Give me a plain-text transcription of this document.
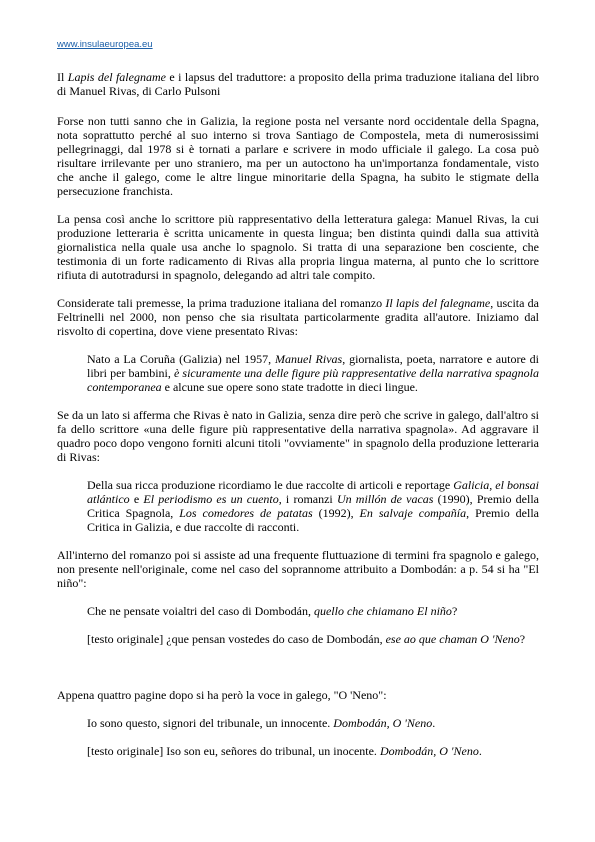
www.insulaeuropea.eu

Il Lapis del falegname e i lapsus del traduttore: a proposito della prima traduzione italiana del libro di Manuel Rivas, di Carlo Pulsoni

Forse non tutti sanno che in Galizia, la regione posta nel versante nord occidentale della Spagna, nota soprattutto perché al suo interno si trova Santiago de Compostela, meta di numerosissimi pellegrinaggi, dal 1978 si è tornati a parlare e scrivere in modo ufficiale il galego. La cosa può risultare irrilevante per uno straniero, ma per un autoctono ha un'importanza fondamentale, visto che anche il galego, come le altre lingue minoritarie della Spagna, ha subito le stigmate della persecuzione franchista.

La pensa così anche lo scrittore più rappresentativo della letteratura galega: Manuel Rivas, la cui produzione letteraria è scritta unicamente in questa lingua; ben distinta quindi dalla sua attività giornalistica nella quale usa anche lo spagnolo. Si tratta di una separazione ben cosciente, che testimonia di un forte radicamento di Rivas alla propria lingua materna, al punto che lo scrittore rifiuta di autotradursi in spagnolo, delegando ad altri tale compito.

Considerate tali premesse, la prima traduzione italiana del romanzo Il lapis del falegname, uscita da Feltrinelli nel 2000, non penso che sia risultata particolarmente gradita all'autore. Iniziamo dal risvolto di copertina, dove viene presentato Rivas:

Nato a La Coruña (Galizia) nel 1957, Manuel Rivas, giornalista, poeta, narratore e autore di libri per bambini, è sicuramente una delle figure più rappresentative della narrativa spagnola contemporanea e alcune sue opere sono state tradotte in dieci lingue.

Se da un lato si afferma che Rivas è nato in Galizia, senza dire però che scrive in galego, dall'altro si fa dello scrittore «una delle figure più rappresentative della narrativa spagnola». Ad aggravare il quadro poco dopo vengono forniti alcuni titoli "ovviamente" in spagnolo della produzione letteraria di Rivas:

Della sua ricca produzione ricordiamo le due raccolte di articoli e reportage Galicia, el bonsai atlántico e El periodismo es un cuento, i romanzi Un millón de vacas (1990), Premio della Critica Spagnola, Los comedores de patatas (1992), En salvaje compañía, Premio della Critica in Galizia, e due raccolte di racconti.

All'interno del romanzo poi si assiste ad una frequente fluttuazione di termini fra spagnolo e galego, non presente nell'originale, come nel caso del soprannome attribuito a Dombodán: a p. 54 si ha "El niño":

Che ne pensate voialtri del caso di Dombodán, quello che chiamano El niño?

[testo originale] ¿que pensan vostedes do caso de Dombodán, ese ao que chaman O 'Neno?

Appena quattro pagine dopo si ha però la voce in galego, "O 'Neno":

Io sono questo, signori del tribunale, un innocente. Dombodán, O 'Neno.

[testo originale] Iso son eu, señores do tribunal, un inocente. Dombodán, O 'Neno.
